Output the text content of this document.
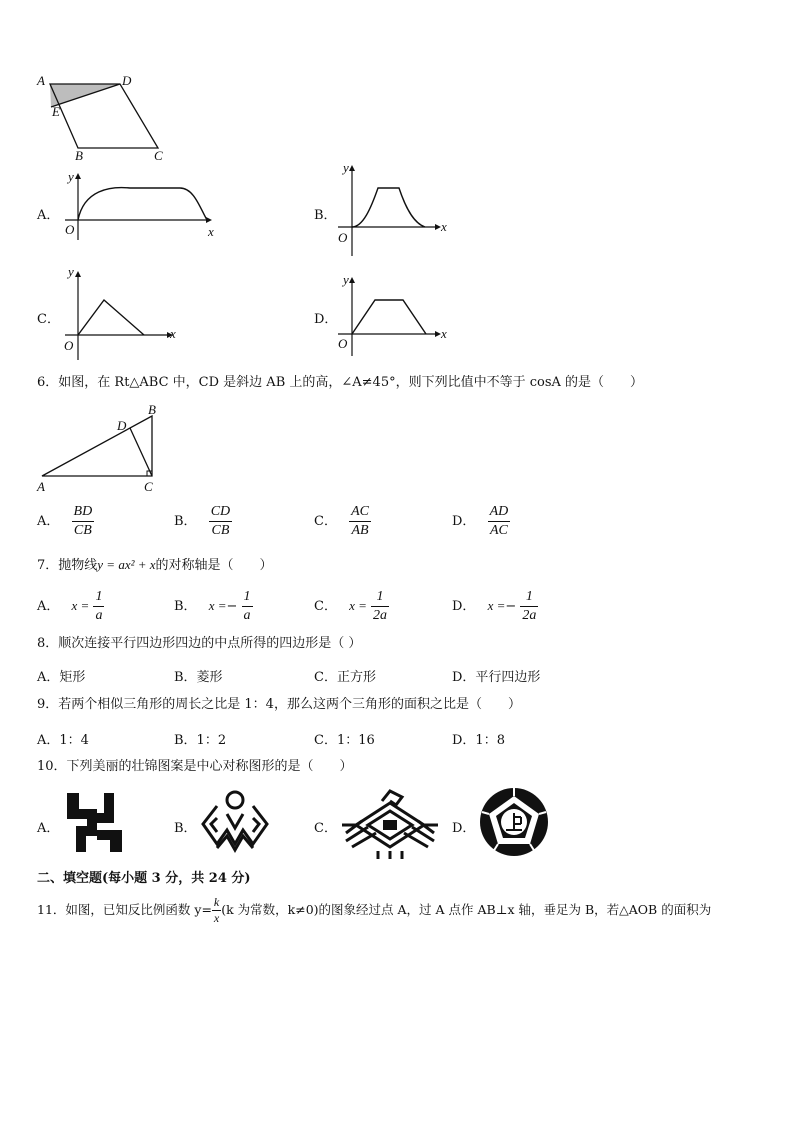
A	D
E
B	C
A．
y
O	x
B．
y
O
x
C．
y
O
x
D．
y
O
x
6．如图，在 Rt△ABC 中，CD 是斜边 AB 上的高，∠A≠45°，则下列比值中不等于 cosA 的是（　　）
B
D
A	C
A． $\frac{BD}{CB}$	B． $\frac{CD}{CB}$	C． $\frac{AC}{AB}$	D． $\frac{AD}{AC}$
7．抛物线y = ax² + x的对称轴是（　　）
A． $x = \frac{1}{a}$	B． $x =- \frac{1}{a}$	C． $x = \frac{1}{2a}$	D． $x =- \frac{1}{2a}$
8．顺次连接平行四边形四边的中点所得的四边形是（ ）
A．矩形	B．菱形	C．正方形	D．平行四边形
9．若两个相似三角形的周长之比是 1：4，那么这两个三角形的面积之比是（　　）
A．1：4	B．1：2	C．1：16	D．1：8
10．下列美丽的壮锦图案是中心对称图形的是（　　）
A．	B．	C．	D．
二、填空题(每小题 3 分，共 24 分)
11．如图，已知反比例函数 $y= \frac{k}{x} (k$ 为常数，k≠0)的图象经过点 A，过 A 点作 AB⊥x 轴，垂足为 B，若△AOB 的面积为
